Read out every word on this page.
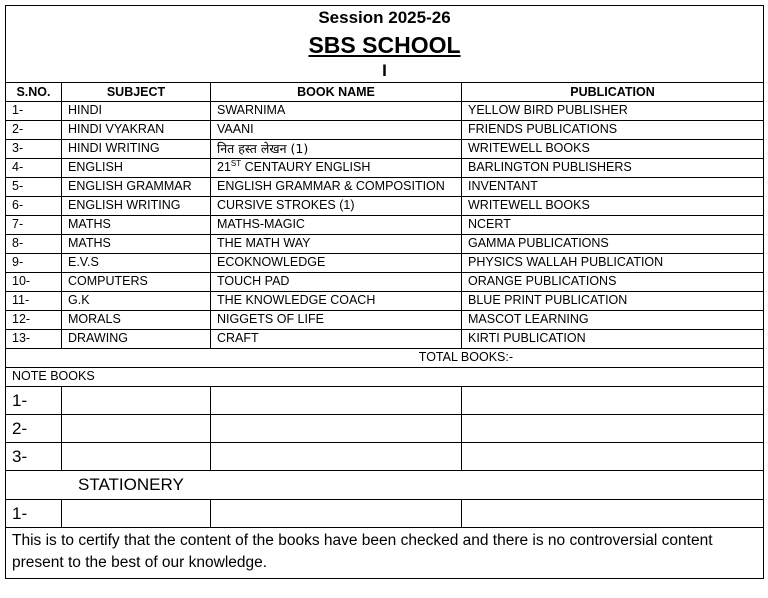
Session 2025-26
SBS SCHOOL
I			

S.NO.	SUBJECT	BOOK NAME	PUBLICATION
1-	HINDI	SWARNIMA	YELLOW BIRD PUBLISHER
2-	HINDI VYAKRAN	VAANI	FRIENDS PUBLICATIONS
3-	HINDI WRITING	नित हस्त लेखन (1)	WRITEWELL BOOKS
4-	ENGLISH	21ST CENTAURY ENGLISH	BARLINGTON PUBLISHERS
5-	ENGLISH GRAMMAR	ENGLISH GRAMMAR & COMPOSITION	INVENTANT
6-	ENGLISH WRITING	CURSIVE STROKES (1)	WRITEWELL BOOKS
7-	MATHS	MATHS-MAGIC	NCERT
8-	MATHS	THE MATH WAY	GAMMA PUBLICATIONS
9-	E.V.S	ECOKNOWLEDGE	PHYSICS WALLAH PUBLICATION
10-	COMPUTERS	TOUCH PAD	ORANGE PUBLICATIONS
11-	G.K	THE KNOWLEDGE COACH	BLUE PRINT PUBLICATION
12-	MORALS	NIGGETS OF LIFE	MASCOT LEARNING
13-	DRAWING	CRAFT	KIRTI PUBLICATION
TOTAL BOOKS:-			
NOTE BOOKS			
1-			
2-			
3-			
STATIONERY			
1-			
This is to certify that the content of the books have been checked and there is no controversial content present to the best of our knowledge.			
